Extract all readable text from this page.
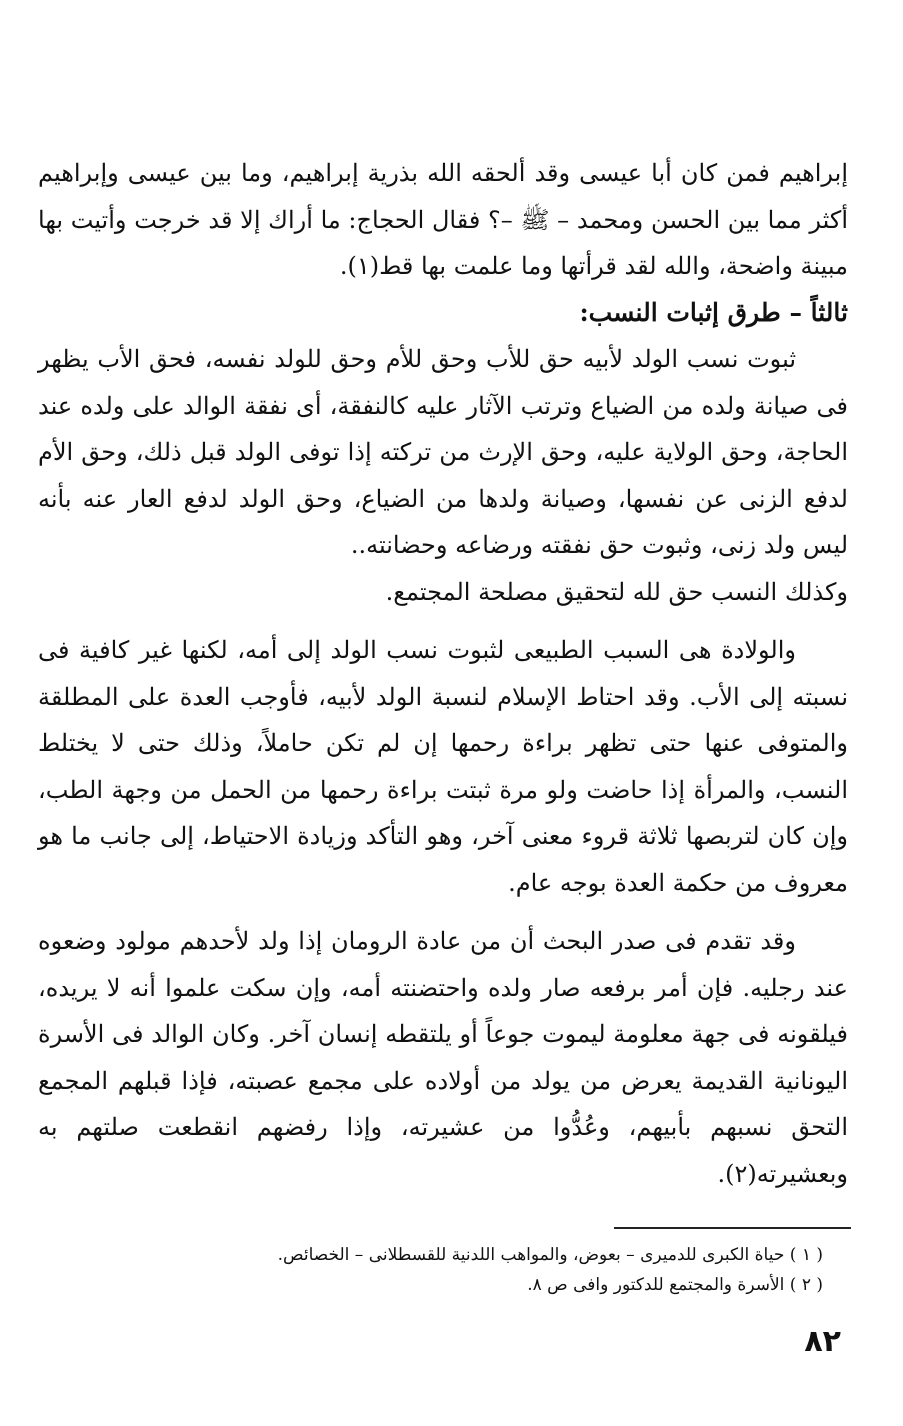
إبراهيم فمن كان أبا عيسى وقد ألحقه الله بذرية إبراهيم، وما بين عيسى وإبراهيم أكثر مما بين الحسن ومحمد – ﷺ –؟ فقال الحجاج: ما أراك إلا قد خرجت وأتيت بها مبينة واضحة، والله لقد قرأتها وما علمت بها قط(١).

ثالثاً – طرق إثبات النسب:

ثبوت نسب الولد لأبيه حق للأب وحق للأم وحق للولد نفسه، فحق الأب يظهر فى صيانة ولده من الضياع وترتب الآثار عليه كالنفقة، أى نفقة الوالد على ولده عند الحاجة، وحق الولاية عليه، وحق الإرث من تركته إذا توفى الولد قبل ذلك، وحق الأم لدفع الزنى عن نفسها، وصيانة ولدها من الضياع، وحق الولد لدفع العار عنه بأنه ليس ولد زنى، وثبوت حق نفقته ورضاعه وحضانته..

وكذلك النسب حق لله لتحقيق مصلحة المجتمع.

والولادة هى السبب الطبيعى لثبوت نسب الولد إلى أمه، لكنها غير كافية فى نسبته إلى الأب. وقد احتاط الإسلام لنسبة الولد لأبيه، فأوجب العدة على المطلقة والمتوفى عنها حتى تظهر براءة رحمها إن لم تكن حاملاً، وذلك حتى لا يختلط النسب، والمرأة إذا حاضت ولو مرة ثبتت براءة رحمها من الحمل من وجهة الطب، وإن كان لتربصها ثلاثة قروء معنى آخر، وهو التأكد وزيادة الاحتياط، إلى جانب ما هو معروف من حكمة العدة بوجه عام.

وقد تقدم فى صدر البحث أن من عادة الرومان إذا ولد لأحدهم مولود وضعوه عند رجليه. فإن أمر برفعه صار ولده واحتضنته أمه، وإن سكت علموا أنه لا يريده، فيلقونه فى جهة معلومة ليموت جوعاً أو يلتقطه إنسان آخر. وكان الوالد فى الأسرة اليونانية القديمة يعرض من يولد من أولاده على مجمع عصبته، فإذا قبلهم المجمع التحق نسبهم بأبيهم، وعُدُّوا من عشيرته، وإذا رفضهم انقطعت صلتهم به وبعشيرته(٢).

( ١ ) حياة الكبرى للدميرى – بعوض، والمواهب اللدنية للقسطلانى – الخصائص.
( ٢ ) الأسرة والمجتمع للدكتور وافى ص ٨.
٨٢
